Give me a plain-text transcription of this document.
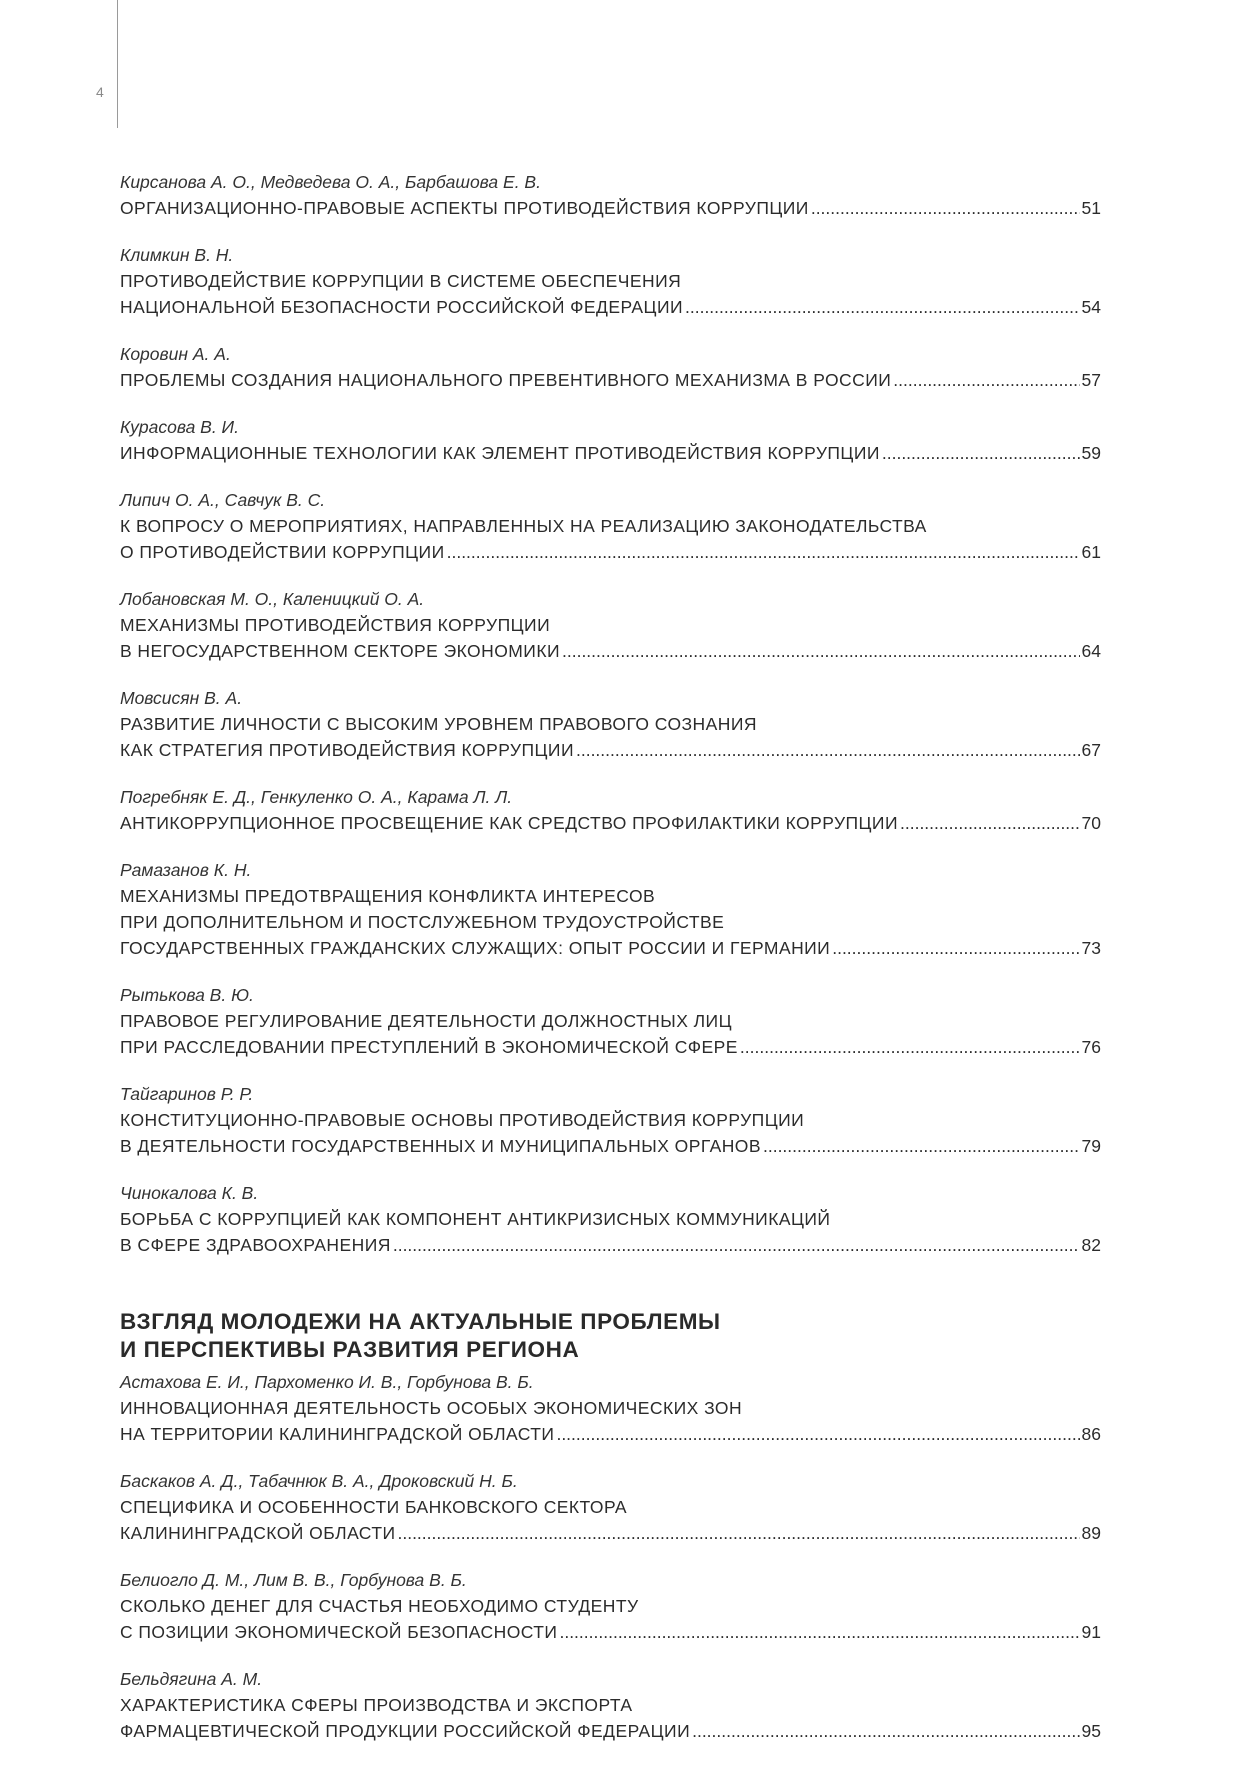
4
Кирсанова А. О., Медведева О. А., Барбашова Е. В.
ОРГАНИЗАЦИОННО-ПРАВОВЫЕ АСПЕКТЫ ПРОТИВОДЕЙСТВИЯ КОРРУПЦИИ .....	51
Климкин В. Н.
ПРОТИВОДЕЙСТВИЕ КОРРУПЦИИ В СИСТЕМЕ ОБЕСПЕЧЕНИЯ
НАЦИОНАЛЬНОЙ БЕЗОПАСНОСТИ РОССИЙСКОЙ ФЕДЕРАЦИИ .....	54
Коровин А. А.
ПРОБЛЕМЫ СОЗДАНИЯ НАЦИОНАЛЬНОГО ПРЕВЕНТИВНОГО МЕХАНИЗМА В РОССИИ .....	57
Курасова В. И.
ИНФОРМАЦИОННЫЕ ТЕХНОЛОГИИ КАК ЭЛЕМЕНТ ПРОТИВОДЕЙСТВИЯ КОРРУПЦИИ .....	59
Липич О. А., Савчук В. С.
К ВОПРОСУ О МЕРОПРИЯТИЯХ, НАПРАВЛЕННЫХ НА РЕАЛИЗАЦИЮ ЗАКОНОДАТЕЛЬСТВА
О ПРОТИВОДЕЙСТВИИ КОРРУПЦИИ .....	61
Лобановская М. О., Каленицкий О. А.
МЕХАНИЗМЫ ПРОТИВОДЕЙСТВИЯ КОРРУПЦИИ
В НЕГОСУДАРСТВЕННОМ СЕКТОРЕ ЭКОНОМИКИ .....	64
Мовсисян В. А.
РАЗВИТИЕ ЛИЧНОСТИ С ВЫСОКИМ УРОВНЕМ ПРАВОВОГО СОЗНАНИЯ
КАК СТРАТЕГИЯ ПРОТИВОДЕЙСТВИЯ КОРРУПЦИИ .....	67
Погребняк Е. Д., Генкуленко О. А., Карама Л. Л.
АНТИКОРРУПЦИОННОЕ ПРОСВЕЩЕНИЕ КАК СРЕДСТВО ПРОФИЛАКТИКИ КОРРУПЦИИ .....	70
Рамазанов К. Н.
МЕХАНИЗМЫ ПРЕДОТВРАЩЕНИЯ КОНФЛИКТА ИНТЕРЕСОВ
ПРИ ДОПОЛНИТЕЛЬНОМ И ПОСТСЛУЖЕБНОМ ТРУДОУСТРОЙСТВЕ
ГОСУДАРСТВЕННЫХ ГРАЖДАНСКИХ СЛУЖАЩИХ: ОПЫТ РОССИИ И ГЕРМАНИИ .....	73
Рытькова В. Ю.
ПРАВОВОЕ РЕГУЛИРОВАНИЕ ДЕЯТЕЛЬНОСТИ ДОЛЖНОСТНЫХ ЛИЦ
ПРИ РАССЛЕДОВАНИИ ПРЕСТУПЛЕНИЙ В ЭКОНОМИЧЕСКОЙ СФЕРЕ .....	76
Тайгаринов Р. Р.
КОНСТИТУЦИОННО-ПРАВОВЫЕ ОСНОВЫ ПРОТИВОДЕЙСТВИЯ КОРРУПЦИИ
В ДЕЯТЕЛЬНОСТИ ГОСУДАРСТВЕННЫХ И МУНИЦИПАЛЬНЫХ ОРГАНОВ .....	79
Чинокалова К. В.
БОРЬБА С КОРРУПЦИЕЙ КАК КОМПОНЕНТ АНТИКРИЗИСНЫХ КОММУНИКАЦИЙ
В СФЕРЕ ЗДРАВООХРАНЕНИЯ .....	82
ВЗГЛЯД МОЛОДЕЖИ НА АКТУАЛЬНЫЕ ПРОБЛЕМЫ
И ПЕРСПЕКТИВЫ РАЗВИТИЯ РЕГИОНА
Астахова Е. И., Пархоменко И. В., Горбунова В. Б.
ИННОВАЦИОННАЯ ДЕЯТЕЛЬНОСТЬ ОСОБЫХ ЭКОНОМИЧЕСКИХ ЗОН
НА ТЕРРИТОРИИ КАЛИНИНГРАДСКОЙ ОБЛАСТИ .....	86
Баскаков А. Д., Табачнюк В. А., Дроковский Н. Б.
СПЕЦИФИКА И ОСОБЕННОСТИ БАНКОВСКОГО СЕКТОРА
КАЛИНИНГРАДСКОЙ ОБЛАСТИ .....	89
Белиогло Д. М., Лим В. В., Горбунова В. Б.
СКОЛЬКО ДЕНЕГ ДЛЯ СЧАСТЬЯ НЕОБХОДИМО СТУДЕНТУ
С ПОЗИЦИИ ЭКОНОМИЧЕСКОЙ БЕЗОПАСНОСТИ .....	91
Бельдягина А. М.
ХАРАКТЕРИСТИКА СФЕРЫ ПРОИЗВОДСТВА И ЭКСПОРТА
ФАРМАЦЕВТИЧЕСКОЙ ПРОДУКЦИИ РОССИЙСКОЙ ФЕДЕРАЦИИ .....	95
